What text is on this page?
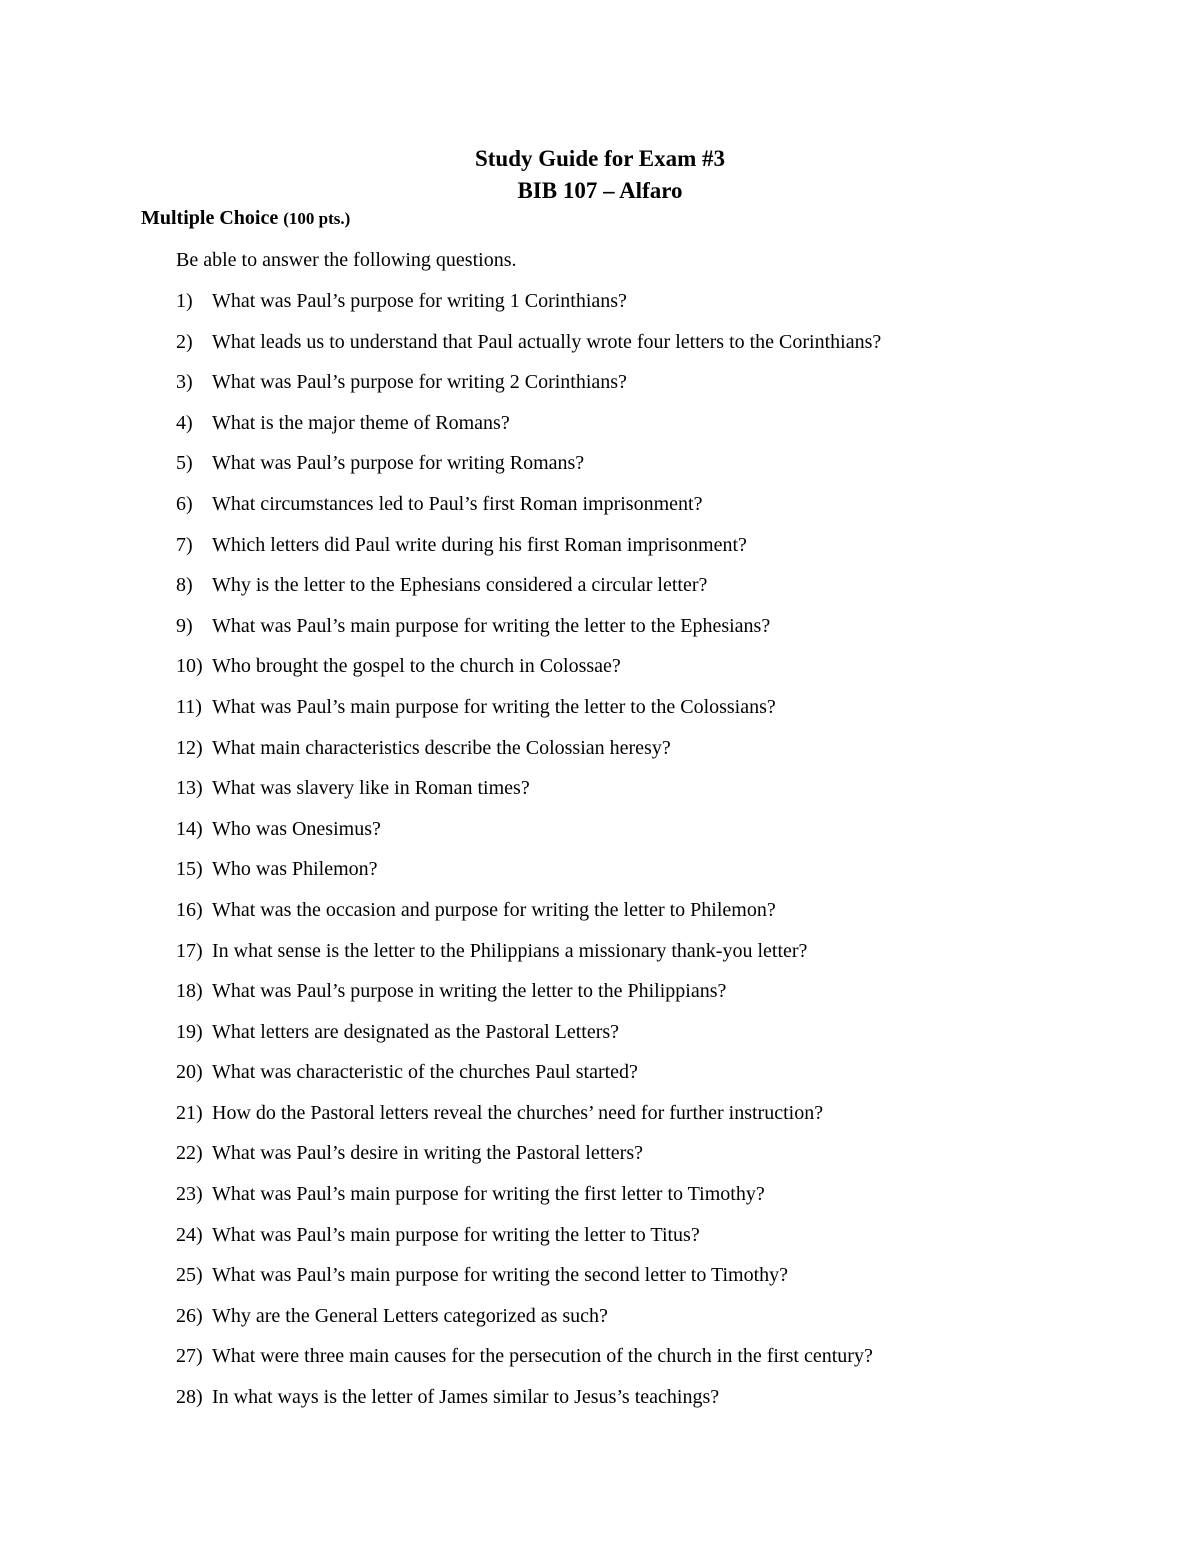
Study Guide for Exam #3
BIB 107 – Alfaro
Multiple Choice (100 pts.)
Be able to answer the following questions.
1) What was Paul’s purpose for writing 1 Corinthians?
2) What leads us to understand that Paul actually wrote four letters to the Corinthians?
3) What was Paul’s purpose for writing 2 Corinthians?
4) What is the major theme of Romans?
5) What was Paul’s purpose for writing Romans?
6) What circumstances led to Paul’s first Roman imprisonment?
7) Which letters did Paul write during his first Roman imprisonment?
8) Why is the letter to the Ephesians considered a circular letter?
9) What was Paul’s main purpose for writing the letter to the Ephesians?
10) Who brought the gospel to the church in Colossae?
11) What was Paul’s main purpose for writing the letter to the Colossians?
12) What main characteristics describe the Colossian heresy?
13) What was slavery like in Roman times?
14) Who was Onesimus?
15) Who was Philemon?
16) What was the occasion and purpose for writing the letter to Philemon?
17) In what sense is the letter to the Philippians a missionary thank-you letter?
18) What was Paul’s purpose in writing the letter to the Philippians?
19) What letters are designated as the Pastoral Letters?
20) What was characteristic of the churches Paul started?
21) How do the Pastoral letters reveal the churches’ need for further instruction?
22) What was Paul’s desire in writing the Pastoral letters?
23) What was Paul’s main purpose for writing the first letter to Timothy?
24) What was Paul’s main purpose for writing the letter to Titus?
25) What was Paul’s main purpose for writing the second letter to Timothy?
26) Why are the General Letters categorized as such?
27) What were three main causes for the persecution of the church in the first century?
28) In what ways is the letter of James similar to Jesus’s teachings?
